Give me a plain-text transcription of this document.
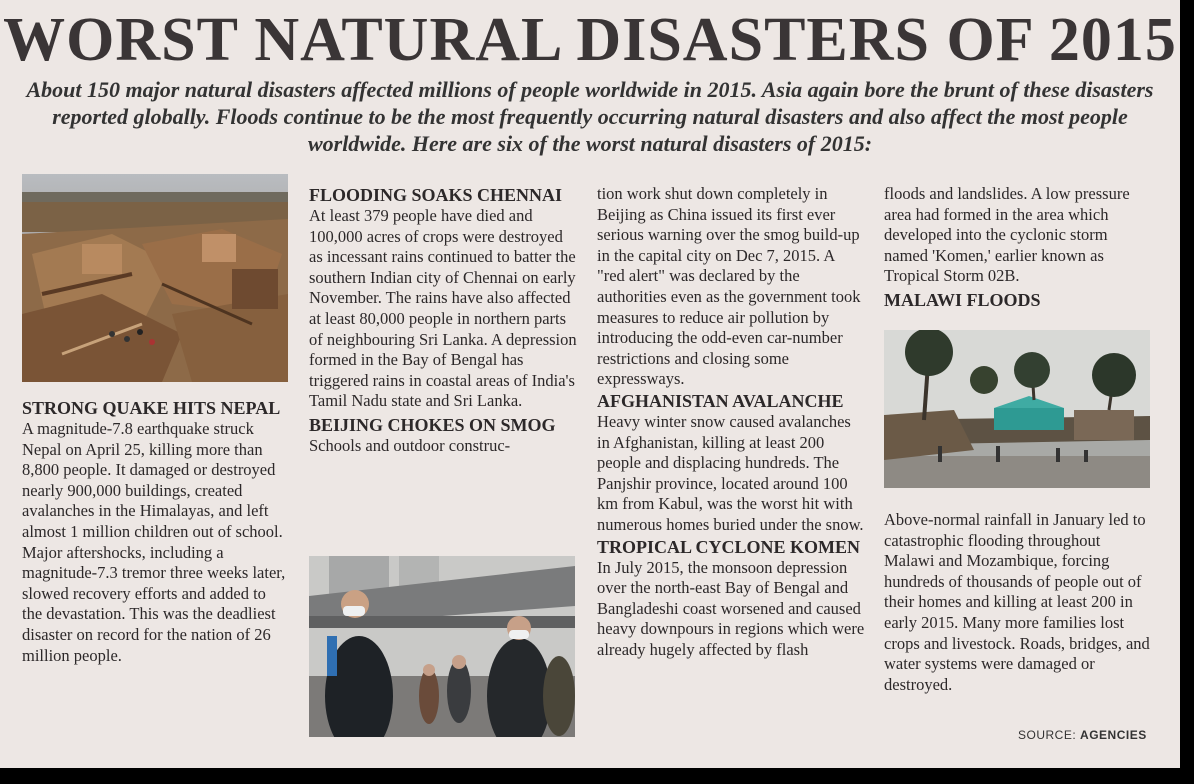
WORST NATURAL DISASTERS OF 2015
About 150 major natural disasters affected millions of people worldwide in 2015. Asia again bore the brunt of these disasters reported globally. Floods continue to be the most frequently occurring natural disasters and also affect the most people worldwide. Here are six of the worst natural disasters of 2015:
STRONG QUAKE HITS NEPAL

A magnitude-7.8 earthquake struck Nepal on April 25, killing more than 8,800 people. It damaged or destroyed nearly 900,000 buildings, created avalanches in the Himalayas, and left almost 1 million children out of school. Major aftershocks, including a magnitude-7.3 tremor three weeks later, slowed recovery efforts and added to the devastation. This was the deadliest disaster on record for the nation of 26 million people.

FLOODING SOAKS CHENNAI

At least 379 people have died and 100,000 acres of crops were destroyed as incessant rains continued to batter the southern Indian city of Chennai on early November. The rains have also affected at least 80,000 people in northern parts of neighbouring Sri Lanka. A depression formed in the Bay of Bengal has triggered rains in coastal areas of India's Tamil Nadu state and Sri Lanka.

BEIJING CHOKES ON SMOG

Schools and outdoor construc-

tion work shut down completely in Beijing as China issued its first ever serious warning over the smog build-up in the capital city on Dec 7, 2015. A "red alert" was declared by the authorities even as the government took measures to reduce air pollution by introducing the odd-even car-number restrictions and closing some expressways.

AFGHANISTAN AVALANCHE

Heavy winter snow caused avalanches in Afghanistan, killing at least 200 people and displacing hundreds. The Panjshir province, located around 100 km from Kabul, was the worst hit with numerous homes buried under the snow.

TROPICAL CYCLONE KOMEN

In July 2015, the monsoon depression over the north-east Bay of Bengal and Bangladeshi coast worsened and caused heavy downpours in regions which were already hugely affected by flash

floods and landslides. A low pressure area had formed in the area which developed into the cyclonic storm named 'Komen,' earlier known as Tropical Storm 02B.

MALAWI FLOODS

Above-normal rainfall in January led to catastrophic flooding throughout Malawi and Mozambique, forcing hundreds of thousands of people out of their homes and killing at least 200 in early 2015. Many more families lost crops and livestock. Roads, bridges, and water systems were damaged or destroyed.

SOURCE: AGENCIES
